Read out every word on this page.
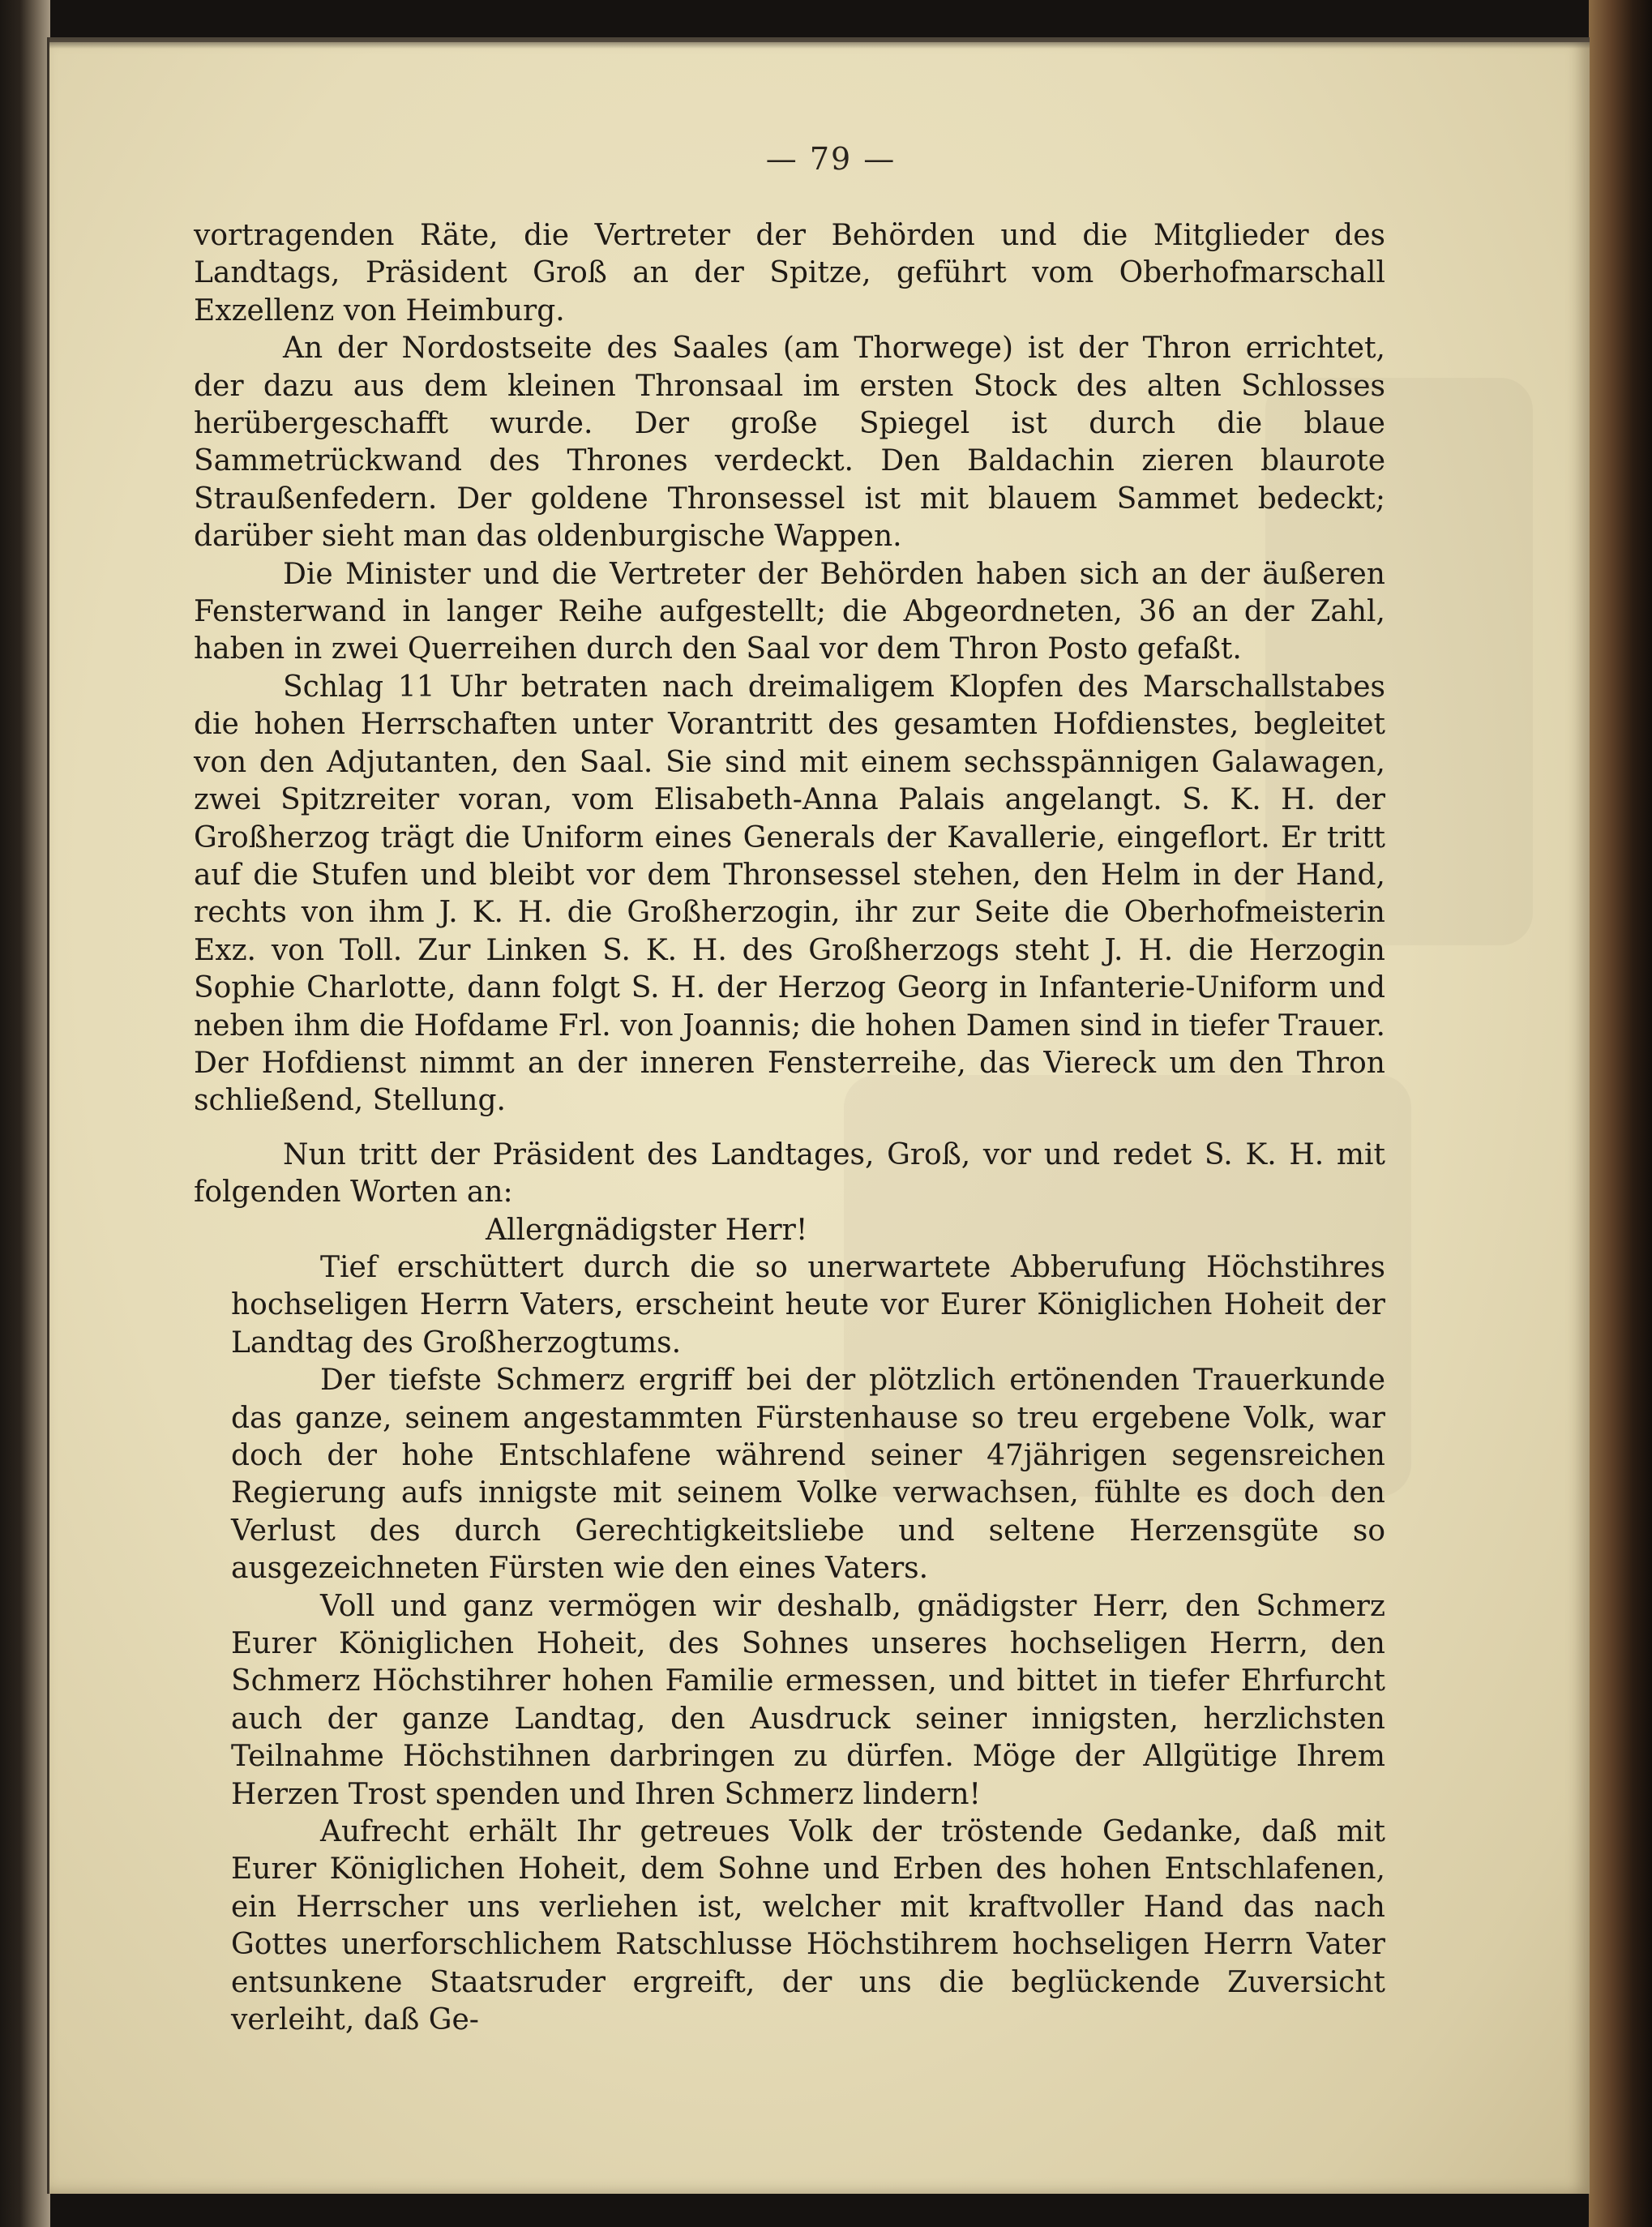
— 79 —

vortragenden Räte, die Vertreter der Behörden und die Mitglieder des Landtags, Präsident Groß an der Spitze, geführt vom Oberhofmarschall Exzellenz von Heimburg.

An der Nordostseite des Saales (am Thorwege) ist der Thron errichtet, der dazu aus dem kleinen Thronsaal im ersten Stock des alten Schlosses herübergeschafft wurde. Der große Spiegel ist durch die blaue Sammetrückwand des Thrones verdeckt. Den Baldachin zieren blaurote Straußenfedern. Der goldene Thronsessel ist mit blauem Sammet bedeckt; darüber sieht man das oldenburgische Wappen.

Die Minister und die Vertreter der Behörden haben sich an der äußeren Fensterwand in langer Reihe aufgestellt; die Abgeordneten, 36 an der Zahl, haben in zwei Querreihen durch den Saal vor dem Thron Posto gefaßt.

Schlag 11 Uhr betraten nach dreimaligem Klopfen des Marschallstabes die hohen Herrschaften unter Vorantritt des gesamten Hofdienstes, begleitet von den Adjutanten, den Saal. Sie sind mit einem sechsspännigen Galawagen, zwei Spitzreiter voran, vom Elisabeth-Anna Palais angelangt. S. K. H. der Großherzog trägt die Uniform eines Generals der Kavallerie, eingeflort. Er tritt auf die Stufen und bleibt vor dem Thronsessel stehen, den Helm in der Hand, rechts von ihm J. K. H. die Großherzogin, ihr zur Seite die Oberhofmeisterin Exz. von Toll. Zur Linken S. K. H. des Großherzogs steht J. H. die Herzogin Sophie Charlotte, dann folgt S. H. der Herzog Georg in Infanterie-Uniform und neben ihm die Hofdame Frl. von Joannis; die hohen Damen sind in tiefer Trauer. Der Hofdienst nimmt an der inneren Fensterreihe, das Viereck um den Thron schließend, Stellung.

Nun tritt der Präsident des Landtages, Groß, vor und redet S. K. H. mit folgenden Worten an:

Allergnädigster Herr!

Tief erschüttert durch die so unerwartete Abberufung Höchstihres hochseligen Herrn Vaters, erscheint heute vor Eurer Königlichen Hoheit der Landtag des Großherzogtums.

Der tiefste Schmerz ergriff bei der plötzlich ertönenden Trauerkunde das ganze, seinem angestammten Fürstenhause so treu ergebene Volk, war doch der hohe Entschlafene während seiner 47jährigen segensreichen Regierung aufs innigste mit seinem Volke verwachsen, fühlte es doch den Verlust des durch Gerechtigkeitsliebe und seltene Herzensgüte so ausgezeichneten Fürsten wie den eines Vaters.

Voll und ganz vermögen wir deshalb, gnädigster Herr, den Schmerz Eurer Königlichen Hoheit, des Sohnes unseres hochseligen Herrn, den Schmerz Höchstihrer hohen Familie ermessen, und bittet in tiefer Ehrfurcht auch der ganze Landtag, den Ausdruck seiner innigsten, herzlichsten Teilnahme Höchstihnen darbringen zu dürfen. Möge der Allgütige Ihrem Herzen Trost spenden und Ihren Schmerz lindern!

Aufrecht erhält Ihr getreues Volk der tröstende Gedanke, daß mit Eurer Königlichen Hoheit, dem Sohne und Erben des hohen Entschlafenen, ein Herrscher uns verliehen ist, welcher mit kraftvoller Hand das nach Gottes unerforschlichem Ratschlusse Höchstihrem hochseligen Herrn Vater entsunkene Staatsruder ergreift, der uns die beglückende Zuversicht verleiht, daß Ge-
